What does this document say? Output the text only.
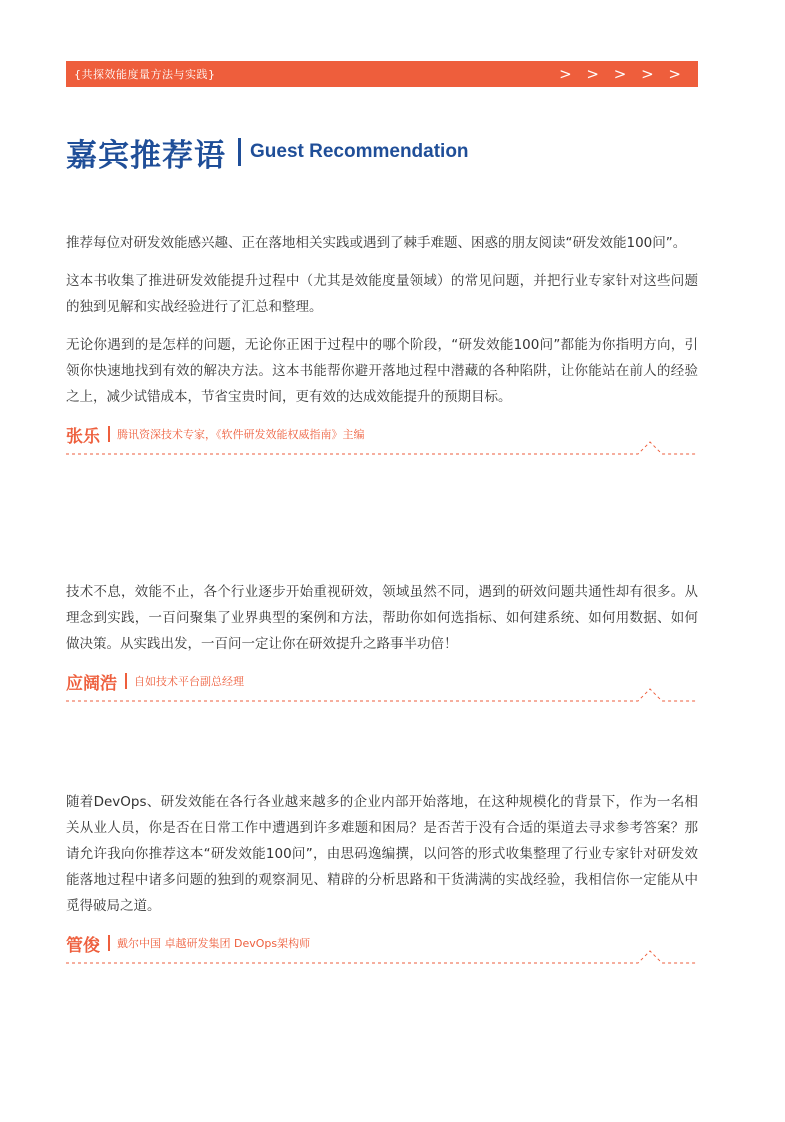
{共探效能度量方法与实践}	> > > > >
嘉宾推荐语 Guest Recommendation

推荐每位对研发效能感兴趣、正在落地相关实践或遇到了棘手难题、困惑的朋友阅读“研发效能100问”。

这本书收集了推进研发效能提升过程中（尤其是效能度量领域）的常见问题，并把行业专家针对这些问题的独到见解和实战经验进行了汇总和整理。

无论你遇到的是怎样的问题，无论你正困于过程中的哪个阶段，“研发效能100问”都能为你指明方向，引领你快速地找到有效的解决方法。这本书能帮你避开落地过程中潜藏的各种陷阱，让你能站在前人的经验之上，减少试错成本，节省宝贵时间，更有效的达成效能提升的预期目标。

张乐 腾讯资深技术专家，《软件研发效能权威指南》主编

技术不息，效能不止，各个行业逐步开始重视研效，领域虽然不同，遇到的研效问题共通性却有很多。从理念到实践，一百问聚集了业界典型的案例和方法，帮助你如何选指标、如何建系统、如何用数据、如何做决策。从实践出发，一百问一定让你在研效提升之路事半功倍！

应阔浩 自如技术平台副总经理

随着DevOps、研发效能在各行各业越来越多的企业内部开始落地，在这种规模化的背景下，作为一名相关从业人员，你是否在日常工作中遭遇到许多难题和困局？是否苦于没有合适的渠道去寻求参考答案？那请允许我向你推荐这本“研发效能100问”，由思码逸编撰，以问答的形式收集整理了行业专家针对研发效能落地过程中诸多问题的独到的观察洞见、精辟的分析思路和干货满满的实战经验，我相信你一定能从中觅得破局之道。

管俊 戴尔中国 卓越研发集团 DevOps架构师
